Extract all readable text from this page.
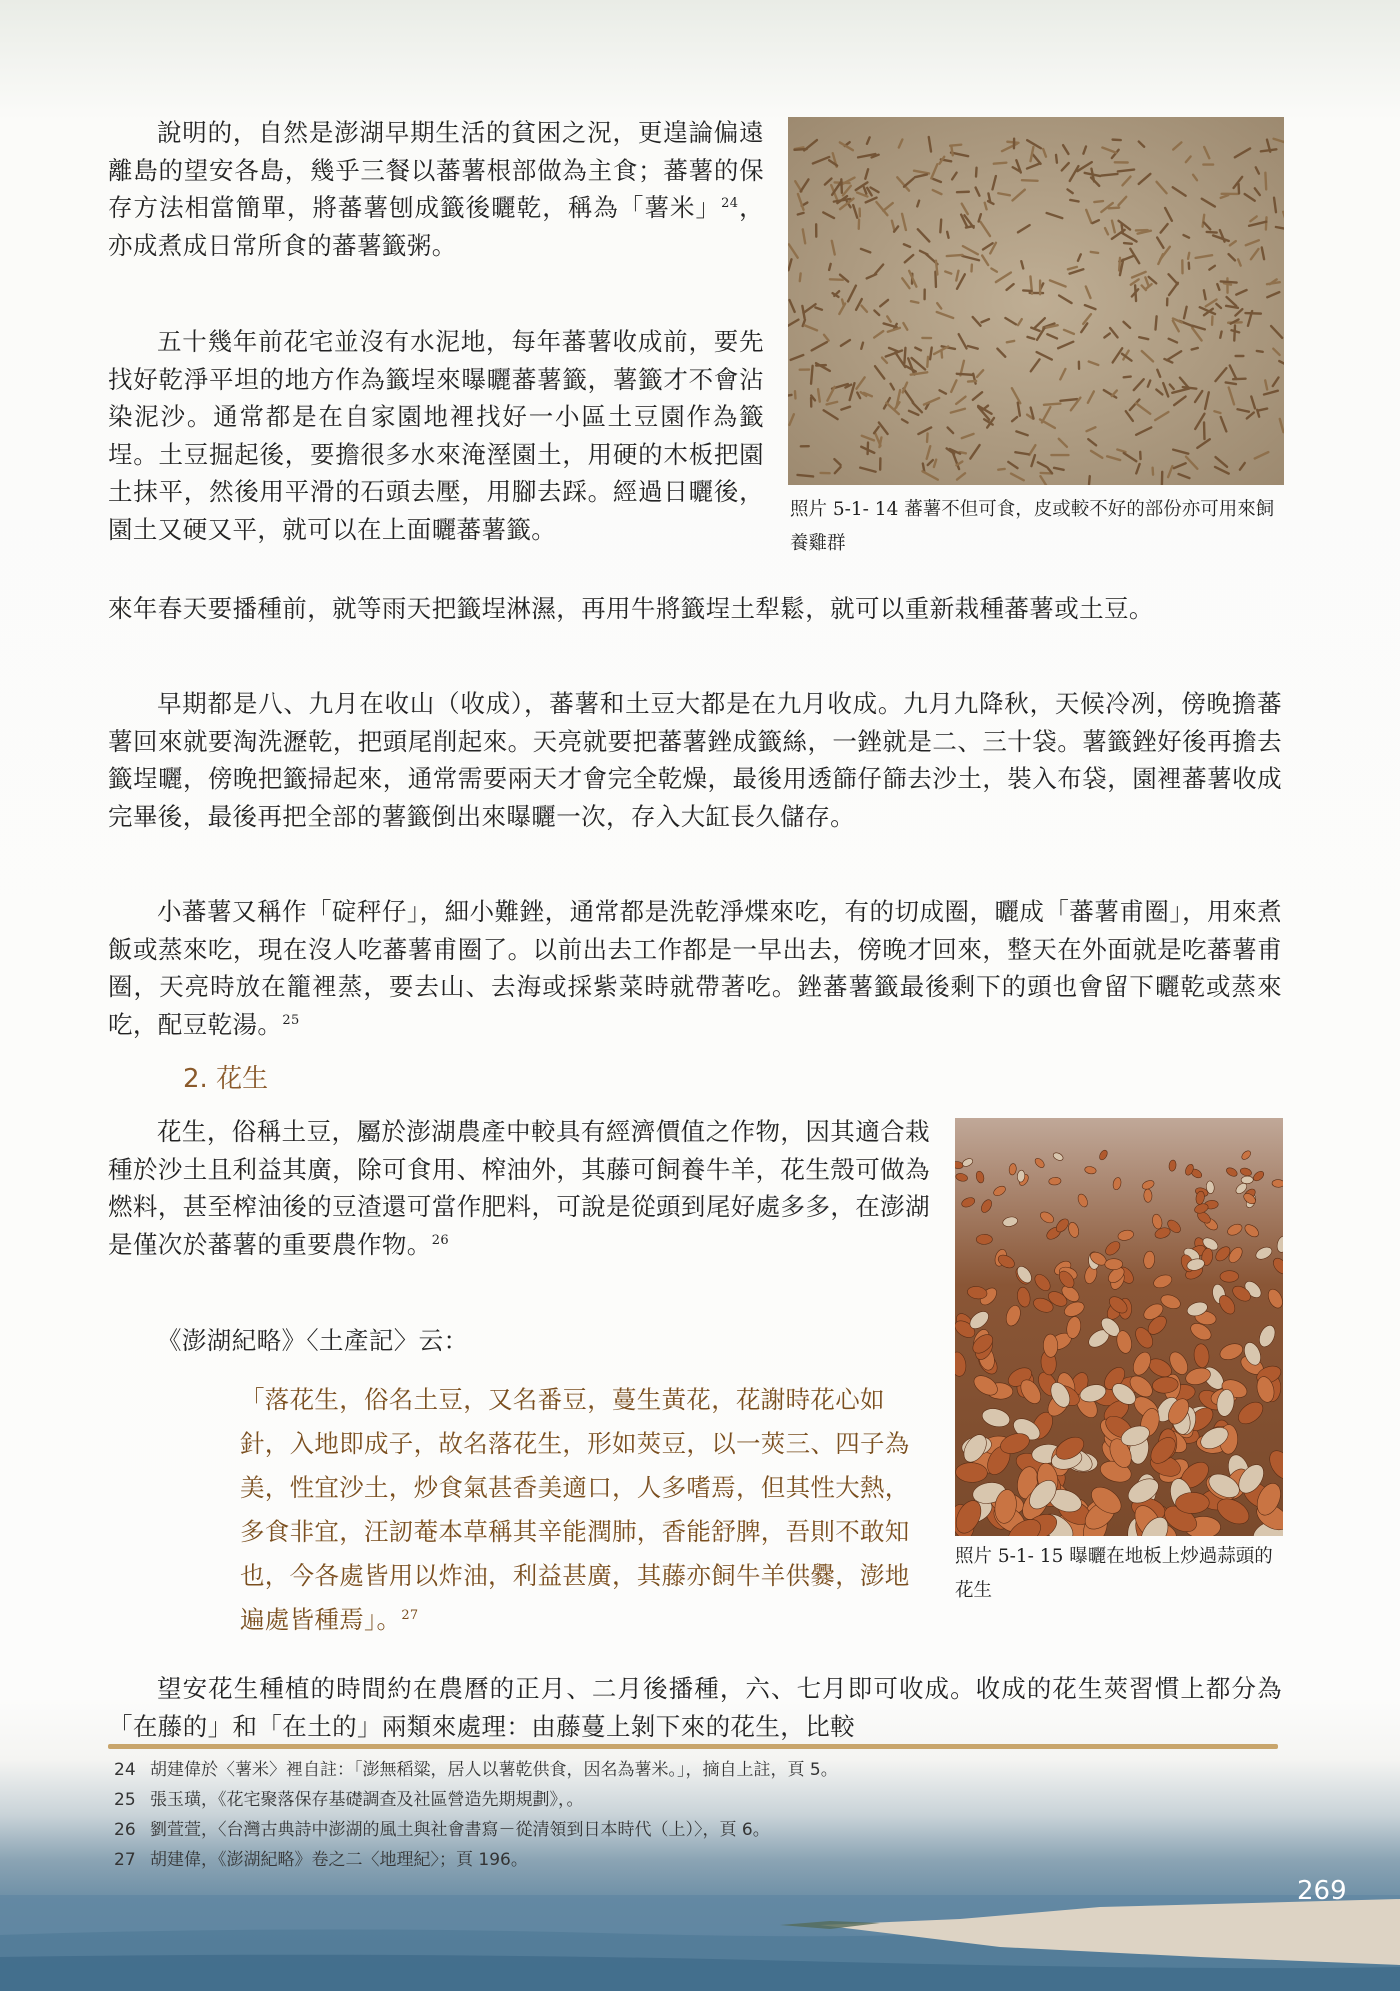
照片 5-1- 14 蕃薯不但可食，皮或較不好的部份亦可用來飼養雞群

說明的，自然是澎湖早期生活的貧困之況，更遑論偏遠離島的望安各島，幾乎三餐以蕃薯根部做為主食；蕃薯的保存方法相當簡單，將蕃薯刨成籤後曬乾，稱為「薯米」$^{24}$，亦成煮成日常所食的蕃薯籤粥。

五十幾年前花宅並沒有水泥地，每年蕃薯收成前，要先找好乾淨平坦的地方作為籤埕來曝曬蕃薯籤，薯籤才不會沾染泥沙。通常都是在自家園地裡找好一小區土豆園作為籤埕。土豆掘起後，要擔很多水來淹溼園土，用硬的木板把園土抹平，然後用平滑的石頭去壓，用腳去踩。經過日曬後，園土又硬又平，就可以在上面曬蕃薯籤。

來年春天要播種前，就等雨天把籤埕淋濕，再用牛將籤埕土犁鬆，就可以重新栽種蕃薯或土豆。

早期都是八、九月在收山（收成），蕃薯和土豆大都是在九月收成。九月九降秋，天候冷冽，傍晚擔蕃薯回來就要淘洗瀝乾，把頭尾削起來。天亮就要把蕃薯銼成籤絲，一銼就是二、三十袋。薯籤銼好後再擔去籤埕曬，傍晚把籤掃起來，通常需要兩天才會完全乾燥，最後用透篩仔篩去沙土，裝入布袋，園裡蕃薯收成完畢後，最後再把全部的薯籤倒出來曝曬一次，存入大缸長久儲存。

小蕃薯又稱作「碇秤仔」，細小難銼，通常都是洗乾淨煠來吃，有的切成圈，曬成「蕃薯甫圈」，用來煮飯或蒸來吃，現在沒人吃蕃薯甫圈了。以前出去工作都是一早出去，傍晚才回來，整天在外面就是吃蕃薯甫圈，天亮時放在籠裡蒸，要去山、去海或採紫菜時就帶著吃。銼蕃薯籤最後剩下的頭也會留下曬乾或蒸來吃，配豆乾湯。$^{25}$

2. 花生
照片 5-1- 15 曝曬在地板上炒過蒜頭的花生

花生，俗稱土豆，屬於澎湖農產中較具有經濟價值之作物，因其適合栽種於沙土且利益其廣，除可食用、榨油外，其藤可飼養牛羊，花生殼可做為燃料，甚至榨油後的豆渣還可當作肥料，可說是從頭到尾好處多多，在澎湖是僅次於蕃薯的重要農作物。$^{26}$

《澎湖紀略》〈土產記〉云：

「落花生，俗名土豆，又名番豆，蔓生黃花，花謝時花心如針，入地即成子，故名落花生，形如莢豆，以一莢三、四子為美，性宜沙土，炒食氣甚香美適口，人多嗜焉，但其性大熱，多食非宜，汪訒菴本草稱其辛能潤肺，香能舒脾，吾則不敢知也，今各處皆用以炸油，利益甚廣，其藤亦飼牛羊供爨，澎地遍處皆種焉」。$^{27}$

望安花生種植的時間約在農曆的正月、二月後播種，六、七月即可收成。收成的花生莢習慣上都分為「在藤的」和「在土的」兩類來處理：由藤蔓上剝下來的花生，比較

24 胡建偉於〈薯米〉裡自註：「澎無稻粱，居人以薯乾供食，因名為薯米。」，摘自上註，頁 5。
25 張玉璜，《花宅聚落保存基礎調查及社區營造先期規劃》，。
26 劉萱萱，〈台灣古典詩中澎湖的風土與社會書寫－從清領到日本時代（上）〉，頁 6。
27 胡建偉，《澎湖紀略》卷之二〈地理紀〉；頁 196。
269
